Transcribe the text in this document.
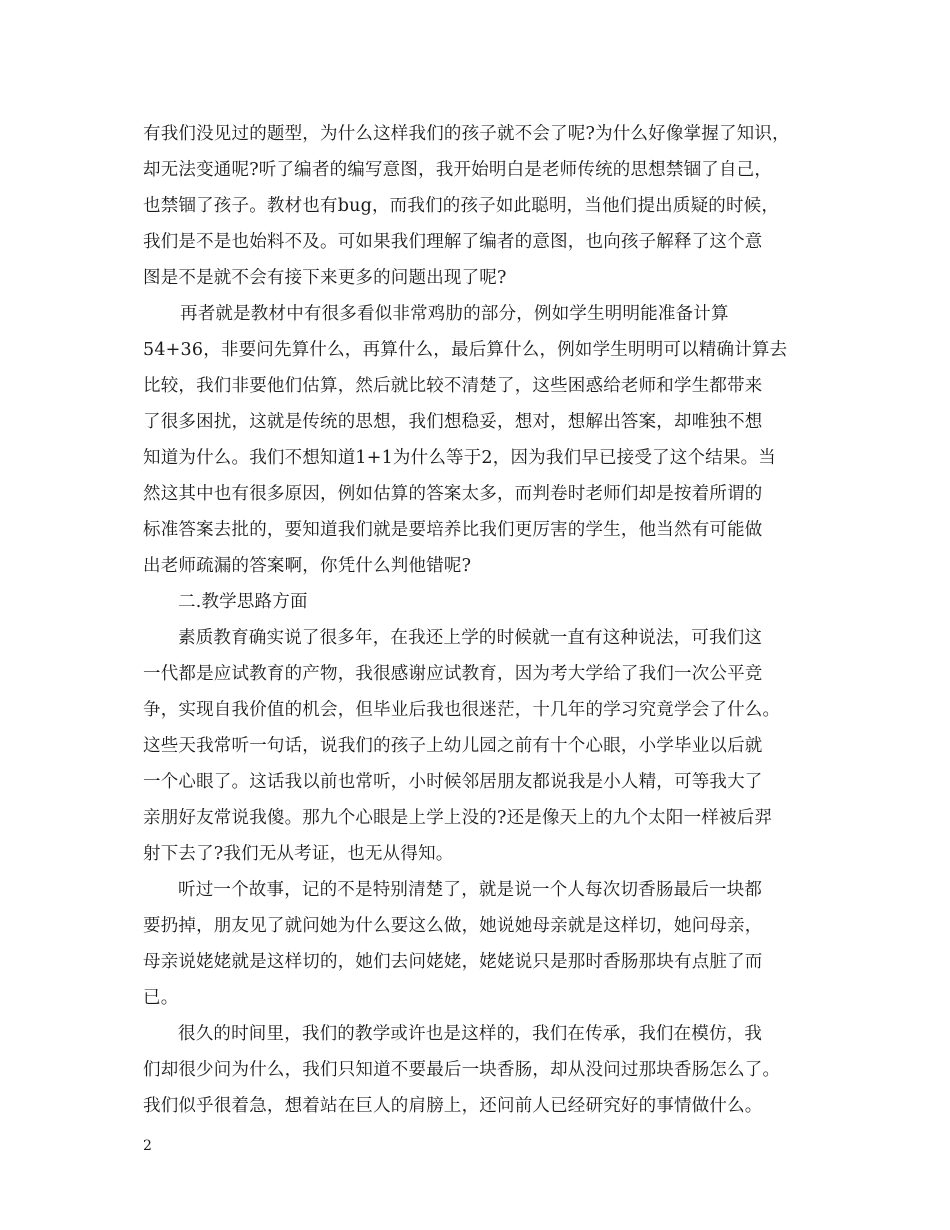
有我们没见过的题型，为什么这样我们的孩子就不会了呢?为什么好像掌握了知识，
却无法变通呢?听了编者的编写意图，我开始明白是老师传统的思想禁锢了自己，
也禁锢了孩子。教材也有bug，而我们的孩子如此聪明，当他们提出质疑的时候，
我们是不是也始料不及。可如果我们理解了编者的意图，也向孩子解释了这个意
图是不是就不会有接下来更多的问题出现了呢?
再者就是教材中有很多看似非常鸡肋的部分，例如学生明明能准备计算
54+36，非要问先算什么，再算什么，最后算什么，例如学生明明可以精确计算去
比较，我们非要他们估算，然后就比较不清楚了，这些困惑给老师和学生都带来
了很多困扰，这就是传统的思想，我们想稳妥，想对，想解出答案，却唯独不想
知道为什么。我们不想知道1+1为什么等于2，因为我们早已接受了这个结果。当
然这其中也有很多原因，例如估算的答案太多，而判卷时老师们却是按着所谓的
标准答案去批的，要知道我们就是要培养比我们更厉害的学生，他当然有可能做
出老师疏漏的答案啊，你凭什么判他错呢?
二.教学思路方面
素质教育确实说了很多年，在我还上学的时候就一直有这种说法，可我们这
一代都是应试教育的产物，我很感谢应试教育，因为考大学给了我们一次公平竞
争，实现自我价值的机会，但毕业后我也很迷茫，十几年的学习究竟学会了什么。
这些天我常听一句话，说我们的孩子上幼儿园之前有十个心眼，小学毕业以后就
一个心眼了。这话我以前也常听，小时候邻居朋友都说我是小人精，可等我大了
亲朋好友常说我傻。那九个心眼是上学上没的?还是像天上的九个太阳一样被后羿
射下去了?我们无从考证，也无从得知。
听过一个故事，记的不是特别清楚了，就是说一个人每次切香肠最后一块都
要扔掉，朋友见了就问她为什么要这么做，她说她母亲就是这样切，她问母亲，
母亲说姥姥就是这样切的，她们去问姥姥，姥姥说只是那时香肠那块有点脏了而
已。
很久的时间里，我们的教学或许也是这样的，我们在传承，我们在模仿，我
们却很少问为什么，我们只知道不要最后一块香肠，却从没问过那块香肠怎么了。
我们似乎很着急，想着站在巨人的肩膀上，还问前人已经研究好的事情做什么。
2
